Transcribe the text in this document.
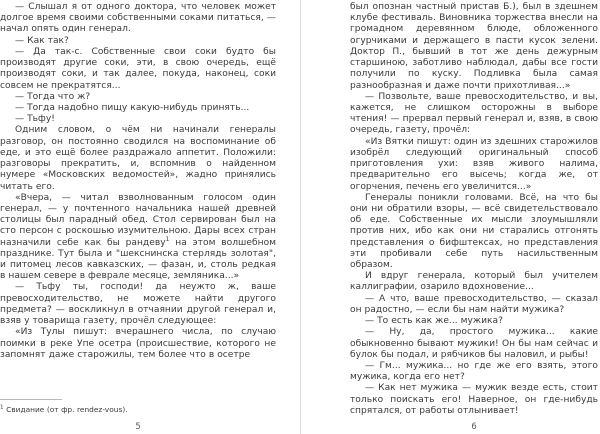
— Слышал я от одного доктора, что человек может долгое время своими собственными соками питаться, — начал опять один генерал.

— Как так?

— Да так-с. Собственные свои соки будто бы производят другие соки, эти, в свою очередь, ещё производят соки, и так далее, покуда, наконец, соки совсем не прекратятся...

— Тогда что ж?

— Тогда надобно пищу какую-нибудь принять...

— Тьфу!

Одним словом, о чём ни начинали генералы разговор, он постоянно сводился на воспоминание об еде, и это ещё более раздражало аппетит. Положили: разговоры прекратить, и, вспомнив о найденном нумере «Московских ведомостей», жадно принялись читать его.

«Вчера, — читал взволнованным голосом один генерал, — у почтенного начальника нашей древней столицы был парадный обед. Стол сервирован был на сто персон с роскошью изумительною. Дары всех стран назначили себе как бы рандеву$^1$ на этом волшебном празднике. Тут была и "шекснинска стерлядь золотая", и питомец лесов кавказских, — фазан, и, столь редкая в нашем севере в феврале месяце, земляника...»

— Тьфу ты, господи! да неужто ж, ваше превосходительство, не можете найти другого предмета? — воскликнул в отчаянии другой генерал и, взяв у товарища газету, прочёл следующее:

«Из Тулы пишут: вчерашнего числа, по случаю поимки в реке Упе осетра (происшествие, которого не запомнят даже старожилы, тем более что в осетре

$^1$ Свидание (от фр. rendez-vous).

5

был опознан частный пристав Б.), был в здешнем клубе фестиваль. Виновника торжества внесли на громадном деревянном блюде, обложенного огурчиками и держащего в пасти кусок зелени. Доктор П., бывший в тот же день дежурным старшиною, заботливо наблюдал, дабы все гости получили по куску. Подливка была самая разнообразная и даже почти прихотливая...»

— Позвольте, ваше превосходительство, и вы, кажется, не слишком осторожны в выборе чтения! — прервал первый генерал и, взяв, в свою очередь, газету, прочёл:

«Из Вятки пишут: один из здешних старожилов изобрёл следующий оригинальный способ приготовления ухи: взяв живого налима, предварительно его высечь; когда же, от огорчения, печень его увеличится...»

Генералы поникли головами. Всё, на что бы они ни обратили взоры, — всё свидетельствовало об еде. Собственные их мысли злоумышляли против них, ибо как они ни старались отгонять представления о бифштексах, но представления эти пробивали себе путь насильственным образом.

И вдруг генерала, который был учителем каллиграфии, озарило вдохновение...

— А что, ваше превосходительство, — сказал он радостно, — если бы нам найти мужика?

— То есть как же... мужика?

— Ну, да, простого мужика... какие обыкновенно бывают мужики! Он бы нам сейчас и булок бы подал, и рябчиков бы наловил, и рыбы!

— Гм... мужика... но где же его взять, этого мужика, когда его нет?

— Как нет мужика — мужик везде есть, стоит только поискать его! Наверное, он где-нибудь спрятался, от работы отлынивает!

6
